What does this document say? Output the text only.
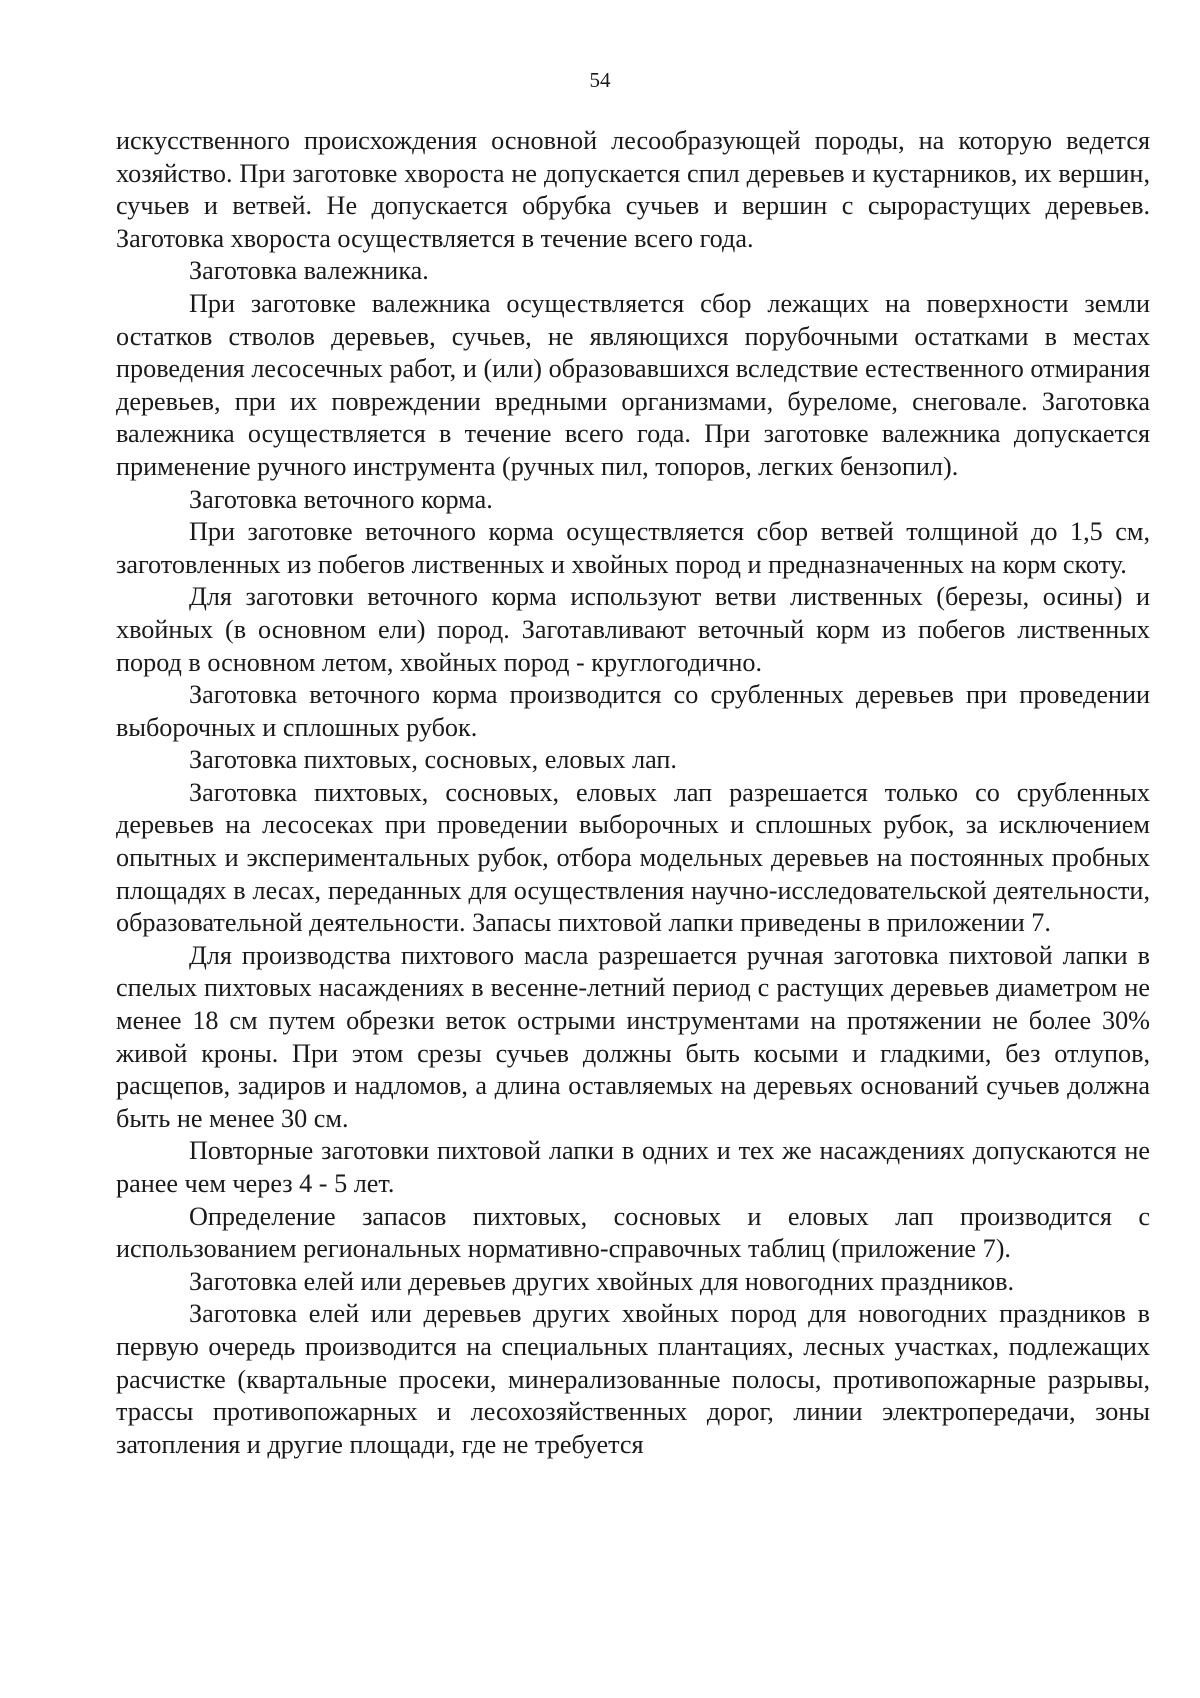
54

искусственного происхождения основной лесообразующей породы, на которую ведется хозяйство. При заготовке хвороста не допускается спил деревьев и кустарников, их вершин, сучьев и ветвей. Не допускается обрубка сучьев и вершин с сырорастущих деревьев. Заготовка хвороста осуществляется в течение всего года.

Заготовка валежника.

При заготовке валежника осуществляется сбор лежащих на поверхности земли остатков стволов деревьев, сучьев, не являющихся порубочными остатками в местах проведения лесосечных работ, и (или) образовавшихся вследствие естественного отмирания деревьев, при их повреждении вредными организмами, буреломе, снеговале. Заготовка валежника осуществляется в течение всего года. При заготовке валежника допускается применение ручного инструмента (ручных пил, топоров, легких бензопил).

Заготовка веточного корма.

При заготовке веточного корма осуществляется сбор ветвей толщиной до 1,5 см, заготовленных из побегов лиственных и хвойных пород и предназначенных на корм скоту.

Для заготовки веточного корма используют ветви лиственных (березы, осины) и хвойных (в основном ели) пород. Заготавливают веточный корм из побегов лиственных пород в основном летом, хвойных пород - круглогодично.

Заготовка веточного корма производится со срубленных деревьев при проведении выборочных и сплошных рубок.

Заготовка пихтовых, сосновых, еловых лап.

Заготовка пихтовых, сосновых, еловых лап разрешается только со срубленных деревьев на лесосеках при проведении выборочных и сплошных рубок, за исключением опытных и экспериментальных рубок, отбора модельных деревьев на постоянных пробных площадях в лесах, переданных для осуществления научно-исследовательской деятельности, образовательной деятельности. Запасы пихтовой лапки приведены в приложении 7.

Для производства пихтового масла разрешается ручная заготовка пихтовой лапки в спелых пихтовых насаждениях в весенне-летний период с растущих деревьев диаметром не менее 18 см путем обрезки веток острыми инструментами на протяжении не более 30% живой кроны. При этом срезы сучьев должны быть косыми и гладкими, без отлупов, расщепов, задиров и надломов, а длина оставляемых на деревьях оснований сучьев должна быть не менее 30 см.

Повторные заготовки пихтовой лапки в одних и тех же насаждениях допускаются не ранее чем через 4 - 5 лет.

Определение запасов пихтовых, сосновых и еловых лап производится с использованием региональных нормативно-справочных таблиц (приложение 7).

Заготовка елей или деревьев других хвойных для новогодних праздников.

Заготовка елей или деревьев других хвойных пород для новогодних праздников в первую очередь производится на специальных плантациях, лесных участках, подлежащих расчистке (квартальные просеки, минерализованные полосы, противопожарные разрывы, трассы противопожарных и лесохозяйственных дорог, линии электропередачи, зоны затопления и другие площади, где не требуется
